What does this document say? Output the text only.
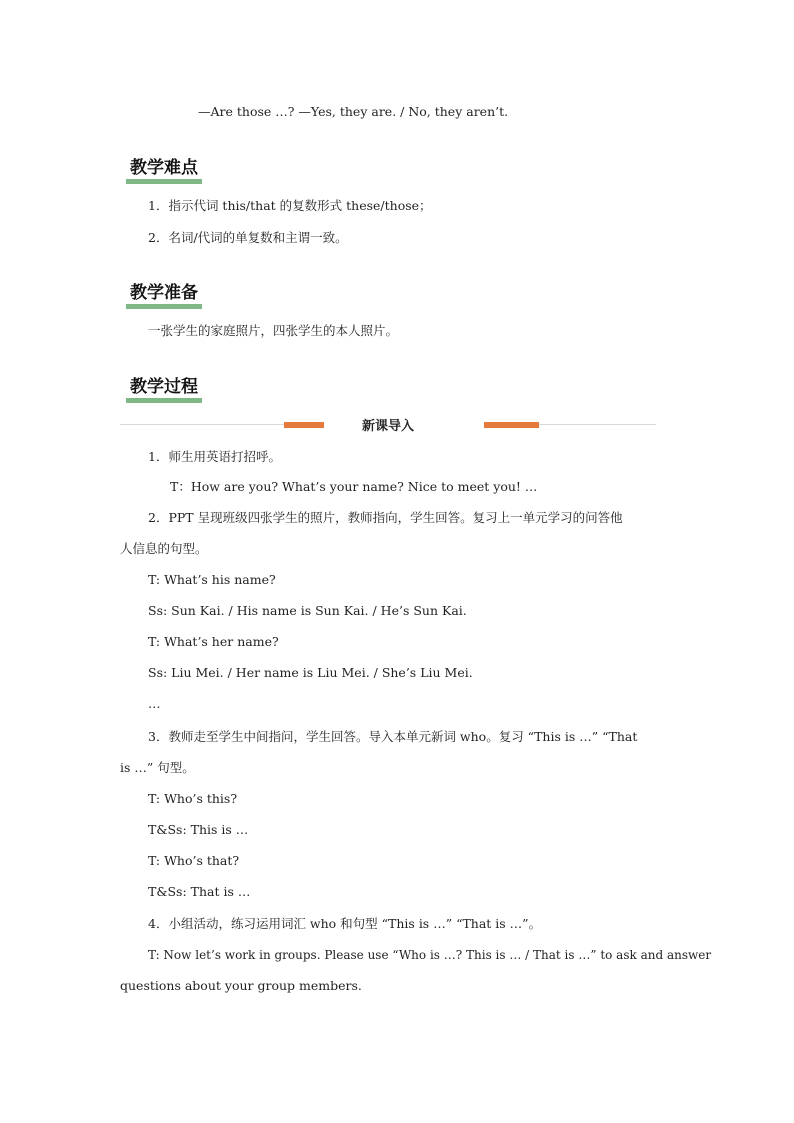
—Are those …? —Yes, they are. / No, they aren’t.
教学难点
1．指示代词 this/that 的复数形式 these/those；
2．名词/代词的单复数和主谓一致。
教学准备
一张学生的家庭照片，四张学生的本人照片。
教学过程
新课导入
1．师生用英语打招呼。
T：How are you? What’s your name? Nice to meet you! …
2．PPT 呈现班级四张学生的照片，教师指向，学生回答。复习上一单元学习的问答他
人信息的句型。
T: What’s his name?
Ss: Sun Kai. / His name is Sun Kai. / He’s Sun Kai.
T: What’s her name?
Ss: Liu Mei. / Her name is Liu Mei. / She’s Liu Mei.
…
3．教师走至学生中间指问，学生回答。导入本单元新词 who。复习 “This is …” “That
is …” 句型。
T: Who’s this?
T&Ss: This is …
T: Who’s that?
T&Ss: That is …
4．小组活动，练习运用词汇 who 和句型 “This is …” “That is …”。
T: Now let’s work in groups. Please use “Who is …? This is … / That is …” to ask and answer
questions about your group members.
